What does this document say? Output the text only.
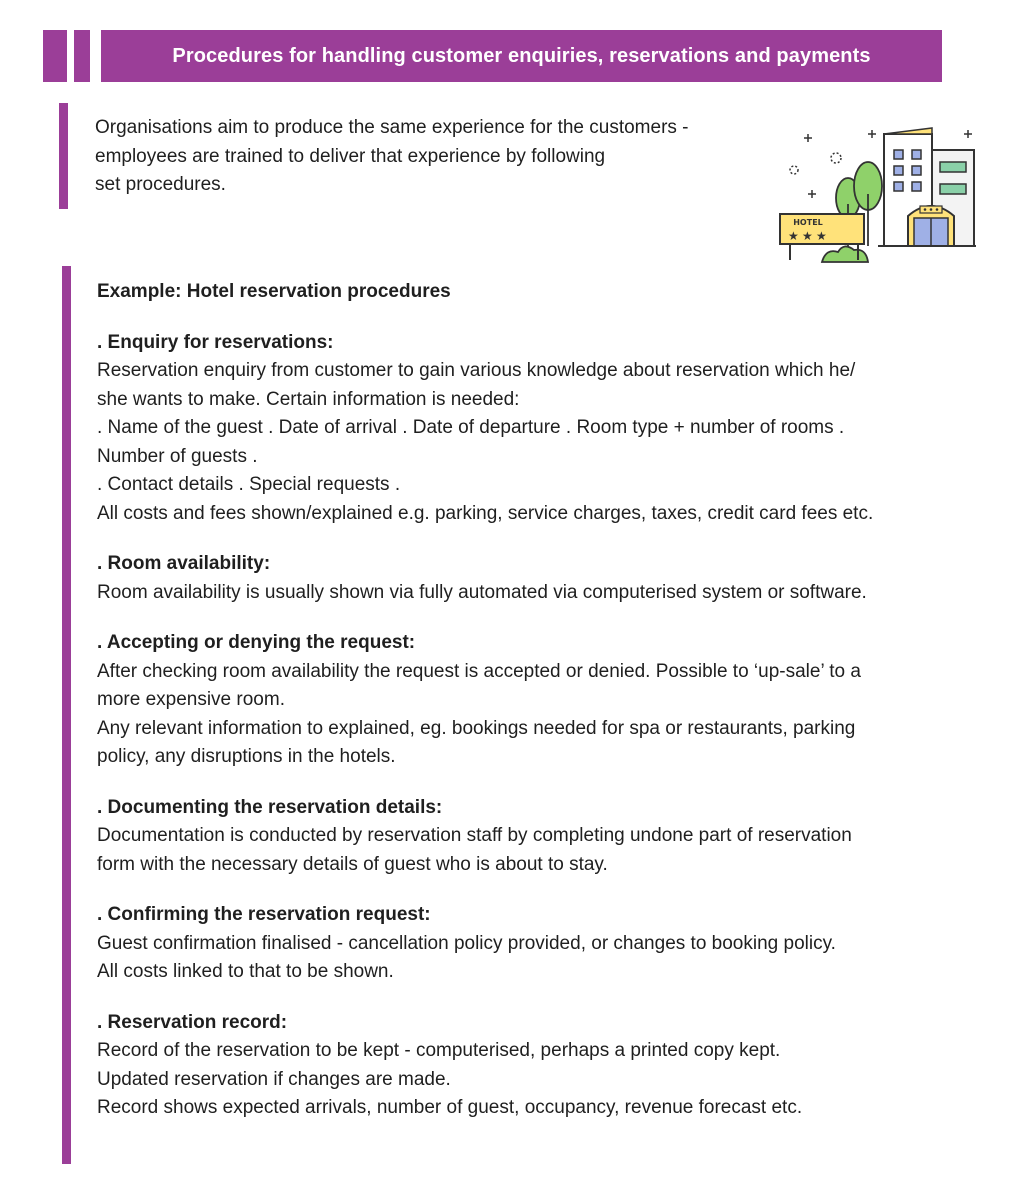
Procedures for handling customer enquiries, reservations and payments

Organisations aim to produce the same experience for the customers -
employees are trained to deliver that experience by following
set procedures.

HOTEL
★ ★ ★
Example: Hotel reservation procedures
. Enquiry for reservations:

Reservation enquiry from customer to gain various knowledge about reservation which he/

she wants to make. Certain information is needed:

. Name of the guest . Date of arrival . Date of departure . Room type + number of rooms .

Number of guests .

. Contact details . Special requests .

All costs and fees shown/explained e.g. parking, service charges, taxes, credit card fees etc.

. Room availability:

Room availability is usually shown via fully automated via computerised system or software.

. Accepting or denying the request:

After checking room availability the request is accepted or denied. Possible to ‘up-sale’ to a

more expensive room.

Any relevant information to explained, eg. bookings needed for spa or restaurants, parking

policy, any disruptions in the hotels.

. Documenting the reservation details:

Documentation is conducted by reservation staff by completing undone part of reservation

form with the necessary details of guest who is about to stay.

. Confirming the reservation request:

Guest confirmation finalised - cancellation policy provided, or changes to booking policy.

All costs linked to that to be shown.

. Reservation record:

Record of the reservation to be kept - computerised, perhaps a printed copy kept.

Updated reservation if changes are made.

Record shows expected arrivals, number of guest, occupancy, revenue forecast etc.
